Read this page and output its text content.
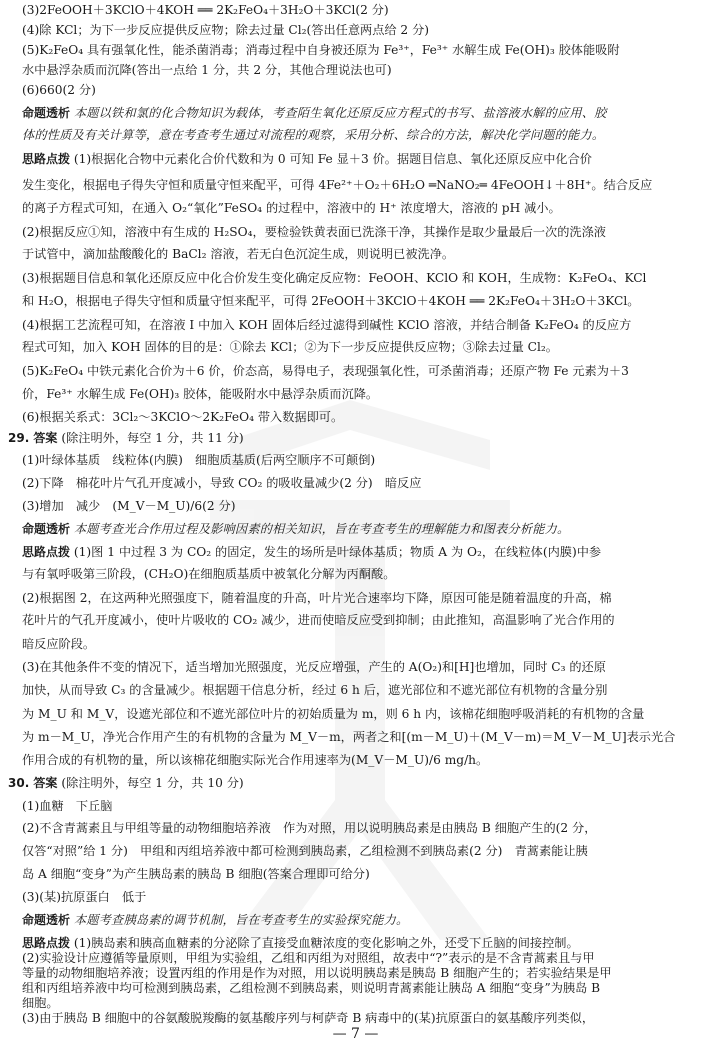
(3)2FeOOH＋3KClO＋4KOH ══ 2K₂FeO₄＋3H₂O＋3KCl(2 分)
(4)除 KCl；为下一步反应提供反应物；除去过量 Cl₂(答出任意两点给 2 分)
(5)K₂FeO₄ 具有强氧化性，能杀菌消毒；消毒过程中自身被还原为 Fe³⁺，Fe³⁺ 水解生成 Fe(OH)₃ 胶体能吸附
水中悬浮杂质而沉降(答出一点给 1 分，共 2 分，其他合理说法也可)
(6)660(2 分)
命题透析 本题以铁和氯的化合物知识为载体，考查陌生氧化还原反应方程式的书写、盐溶液水解的应用、胶
体的性质及有关计算等，意在考查考生通过对流程的观察，采用分析、综合的方法，解决化学问题的能力。
思路点拨 (1)根据化合物中元素化合价代数和为 0 可知 Fe 显＋3 价。据题目信息、氧化还原反应中化合价
发生变化，根据电子得失守恒和质量守恒来配平，可得 4Fe²⁺＋O₂＋6H₂O ═NaNO₂═ 4FeOOH↓＋8H⁺。结合反应
的离子方程式可知，在通入 O₂“氧化”FeSO₄ 的过程中，溶液中的 H⁺ 浓度增大，溶液的 pH 减小。
(2)根据反应①知，溶液中有生成的 H₂SO₄，要检验铁黄表面已洗涤干净，其操作是取少量最后一次的洗涤液
于试管中，滴加盐酸酸化的 BaCl₂ 溶液，若无白色沉淀生成，则说明已被洗净。
(3)根据题目信息和氧化还原反应中化合价发生变化确定反应物：FeOOH、KClO 和 KOH，生成物：K₂FeO₄、KCl
和 H₂O，根据电子得失守恒和质量守恒来配平，可得 2FeOOH＋3KClO＋4KOH ══ 2K₂FeO₄＋3H₂O＋3KCl。
(4)根据工艺流程可知，在溶液 Ⅰ 中加入 KOH 固体后经过滤得到碱性 KClO 溶液，并结合制备 K₂FeO₄ 的反应方
程式可知，加入 KOH 固体的目的是：①除去 KCl；②为下一步反应提供反应物；③除去过量 Cl₂。
(5)K₂FeO₄ 中铁元素化合价为＋6 价，价态高，易得电子，表现强氧化性，可杀菌消毒；还原产物 Fe 元素为＋3
价，Fe³⁺ 水解生成 Fe(OH)₃ 胶体，能吸附水中悬浮杂质而沉降。
(6)根据关系式：3Cl₂～3KClO～2K₂FeO₄ 带入数据即可。
29. 答案 (除注明外，每空 1 分，共 11 分)
(1)叶绿体基质　线粒体(内膜)　细胞质基质(后两空顺序不可颠倒)
(2)下降　棉花叶片气孔开度减小，导致 CO₂ 的吸收量减少(2 分)　暗反应
(3)增加　减少　(M_V－M_U)/6(2 分)
命题透析 本题考查光合作用过程及影响因素的相关知识，旨在考查考生的理解能力和图表分析能力。
思路点拨 (1)图 1 中过程 3 为 CO₂ 的固定，发生的场所是叶绿体基质；物质 A 为 O₂，在线粒体(内膜)中参
与有氧呼吸第三阶段，(CH₂O)在细胞质基质中被氧化分解为丙酮酸。
(2)根据图 2，在这两种光照强度下，随着温度的升高，叶片光合速率均下降，原因可能是随着温度的升高，棉
花叶片的气孔开度减小，使叶片吸收的 CO₂ 减少，进而使暗反应受到抑制；由此推知，高温影响了光合作用的
暗反应阶段。
(3)在其他条件不变的情况下，适当增加光照强度，光反应增强，产生的 A(O₂)和[H]也增加，同时 C₃ 的还原
加快，从而导致 C₃ 的含量减少。根据题干信息分析，经过 6 h 后，遮光部位和不遮光部位有机物的含量分别
为 M_U 和 M_V，设遮光部位和不遮光部位叶片的初始质量为 m，则 6 h 内，该棉花细胞呼吸消耗的有机物的含量
为 m－M_U，净光合作用产生的有机物的含量为 M_V－m，两者之和[(m－M_U)＋(M_V－m)＝M_V－M_U]表示光合
作用合成的有机物的量，所以该棉花细胞实际光合作用速率为(M_V－M_U)/6 mg/h。
30. 答案 (除注明外，每空 1 分，共 10 分)
(1)血糖　下丘脑
(2)不含青蒿素且与甲组等量的动物细胞培养液　作为对照，用以说明胰岛素是由胰岛 B 细胞产生的(2 分，
仅答“对照”给 1 分)　甲组和丙组培养液中都可检测到胰岛素，乙组检测不到胰岛素(2 分)　青蒿素能让胰
岛 A 细胞“变身”为产生胰岛素的胰岛 B 细胞(答案合理即可给分)
(3)(某)抗原蛋白　低于
命题透析 本题考查胰岛素的调节机制，旨在考查考生的实验探究能力。
思路点拨 (1)胰岛素和胰高血糖素的分泌除了直接受血糖浓度的变化影响之外，还受下丘脑的间接控制。
— 7 —
(2)实验设计应遵循等量原则，甲组为实验组，乙组和丙组为对照组，故表中“?”表示的是不含青蒿素且与甲
等量的动物细胞培养液；设置丙组的作用是作为对照，用以说明胰岛素是胰岛 B 细胞产生的；若实验结果是甲
组和丙组培养液中均可检测到胰岛素，乙组检测不到胰岛素，则说明青蒿素能让胰岛 A 细胞“变身”为胰岛 B
细胞。
(3)由于胰岛 B 细胞中的谷氨酸脱羧酶的氨基酸序列与柯萨奇 B 病毒中的(某)抗原蛋白的氨基酸序列类似，
